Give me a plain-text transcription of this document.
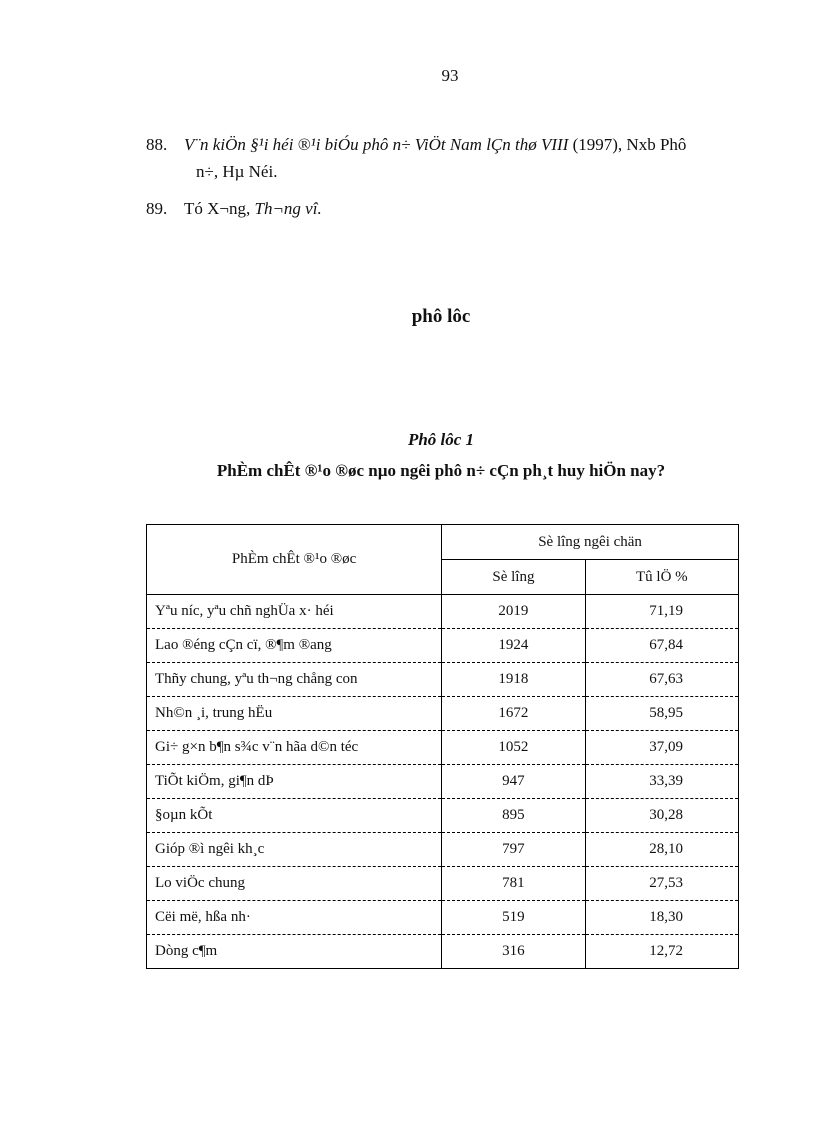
93
88. V¨n kiÖn §¹i héi ®¹i biÓu phô n÷ ViÖt Nam lÇn thø VIII (1997), Nxb Phô
n÷, Hµ Néi.
89. Tó X¬ng, Th¬ng vî.
phô lôc
Phô lôc 1
PhÈm chÊt ®¹o ®øc nµo ngêi phô n÷ cÇn ph¸t huy hiÖn nay?
PhÈm chÊt ®¹o ®øc	Sè lîng ngêi chän	
	Sè lîng	Tû lÖ %
Yªu níc, yªu chñ nghÜa x· héi	2019	71,19
Lao ®éng cÇn cï, ®¶m ®ang	1924	67,84
Thñy chung, yªu th¬ng chång con	1918	67,63
Nh©n ¸i, trung hËu	1672	58,95
Gi÷ g×n b¶n s¾c v¨n hãa d©n téc	1052	37,09
TiÕt kiÖm, gi¶n dÞ	947	33,39
§oµn kÕt	895	30,28
Gióp ®ì ngêi kh¸c	797	28,10
Lo viÖc chung	781	27,53
Cëi më, hßa nh·	519	18,30
Dòng c¶m	316	12,72
